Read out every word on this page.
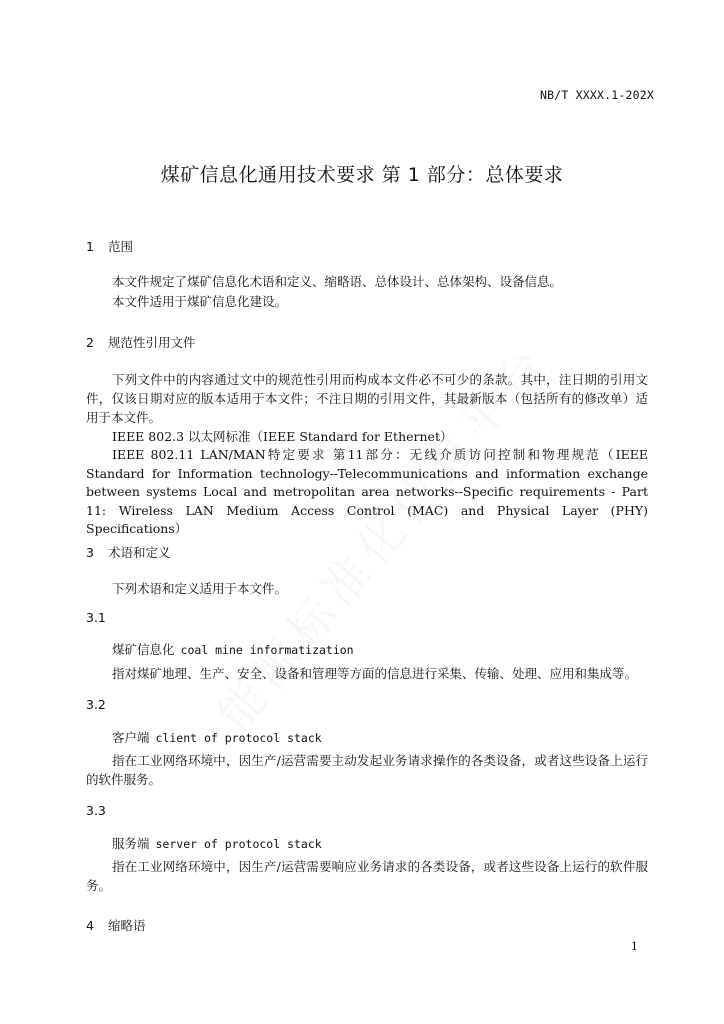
NB/T XXXX.1-202X
煤矿信息化通用技术要求 第 1 部分：总体要求
1 范围
本文件规定了煤矿信息化术语和定义、缩略语、总体设计、总体架构、设备信息。
本文件适用于煤矿信息化建设。
2 规范性引用文件
下列文件中的内容通过文中的规范性引用而构成本文件必不可少的条款。其中，注日期的引用文件，仅该日期对应的版本适用于本文件；不注日期的引用文件，其最新版本（包括所有的修改单）适用于本文件。
IEEE 802.3 以太网标准（IEEE Standard for Ethernet）
IEEE 802.11 LAN/MAN特定要求 第11部分：无线介质访问控制和物理规范（IEEE Standard for Information technology--Telecommunications and information exchange between systems Local and metropolitan area networks--Specific requirements - Part 11: Wireless LAN Medium Access Control (MAC) and Physical Layer (PHY) Specifications）
3 术语和定义
下列术语和定义适用于本文件。
3.1
煤矿信息化 coal mine informatization
指对煤矿地理、生产、安全、设备和管理等方面的信息进行采集、传输、处理、应用和集成等。
3.2
客户端 client of protocol stack
指在工业网络环境中，因生产/运营需要主动发起业务请求操作的各类设备，或者这些设备上运行的软件服务。
3.3
服务端 server of protocol stack
指在工业网络环境中，因生产/运营需要响应业务请求的各类设备，或者这些设备上运行的软件服务。
4 缩略语
1
